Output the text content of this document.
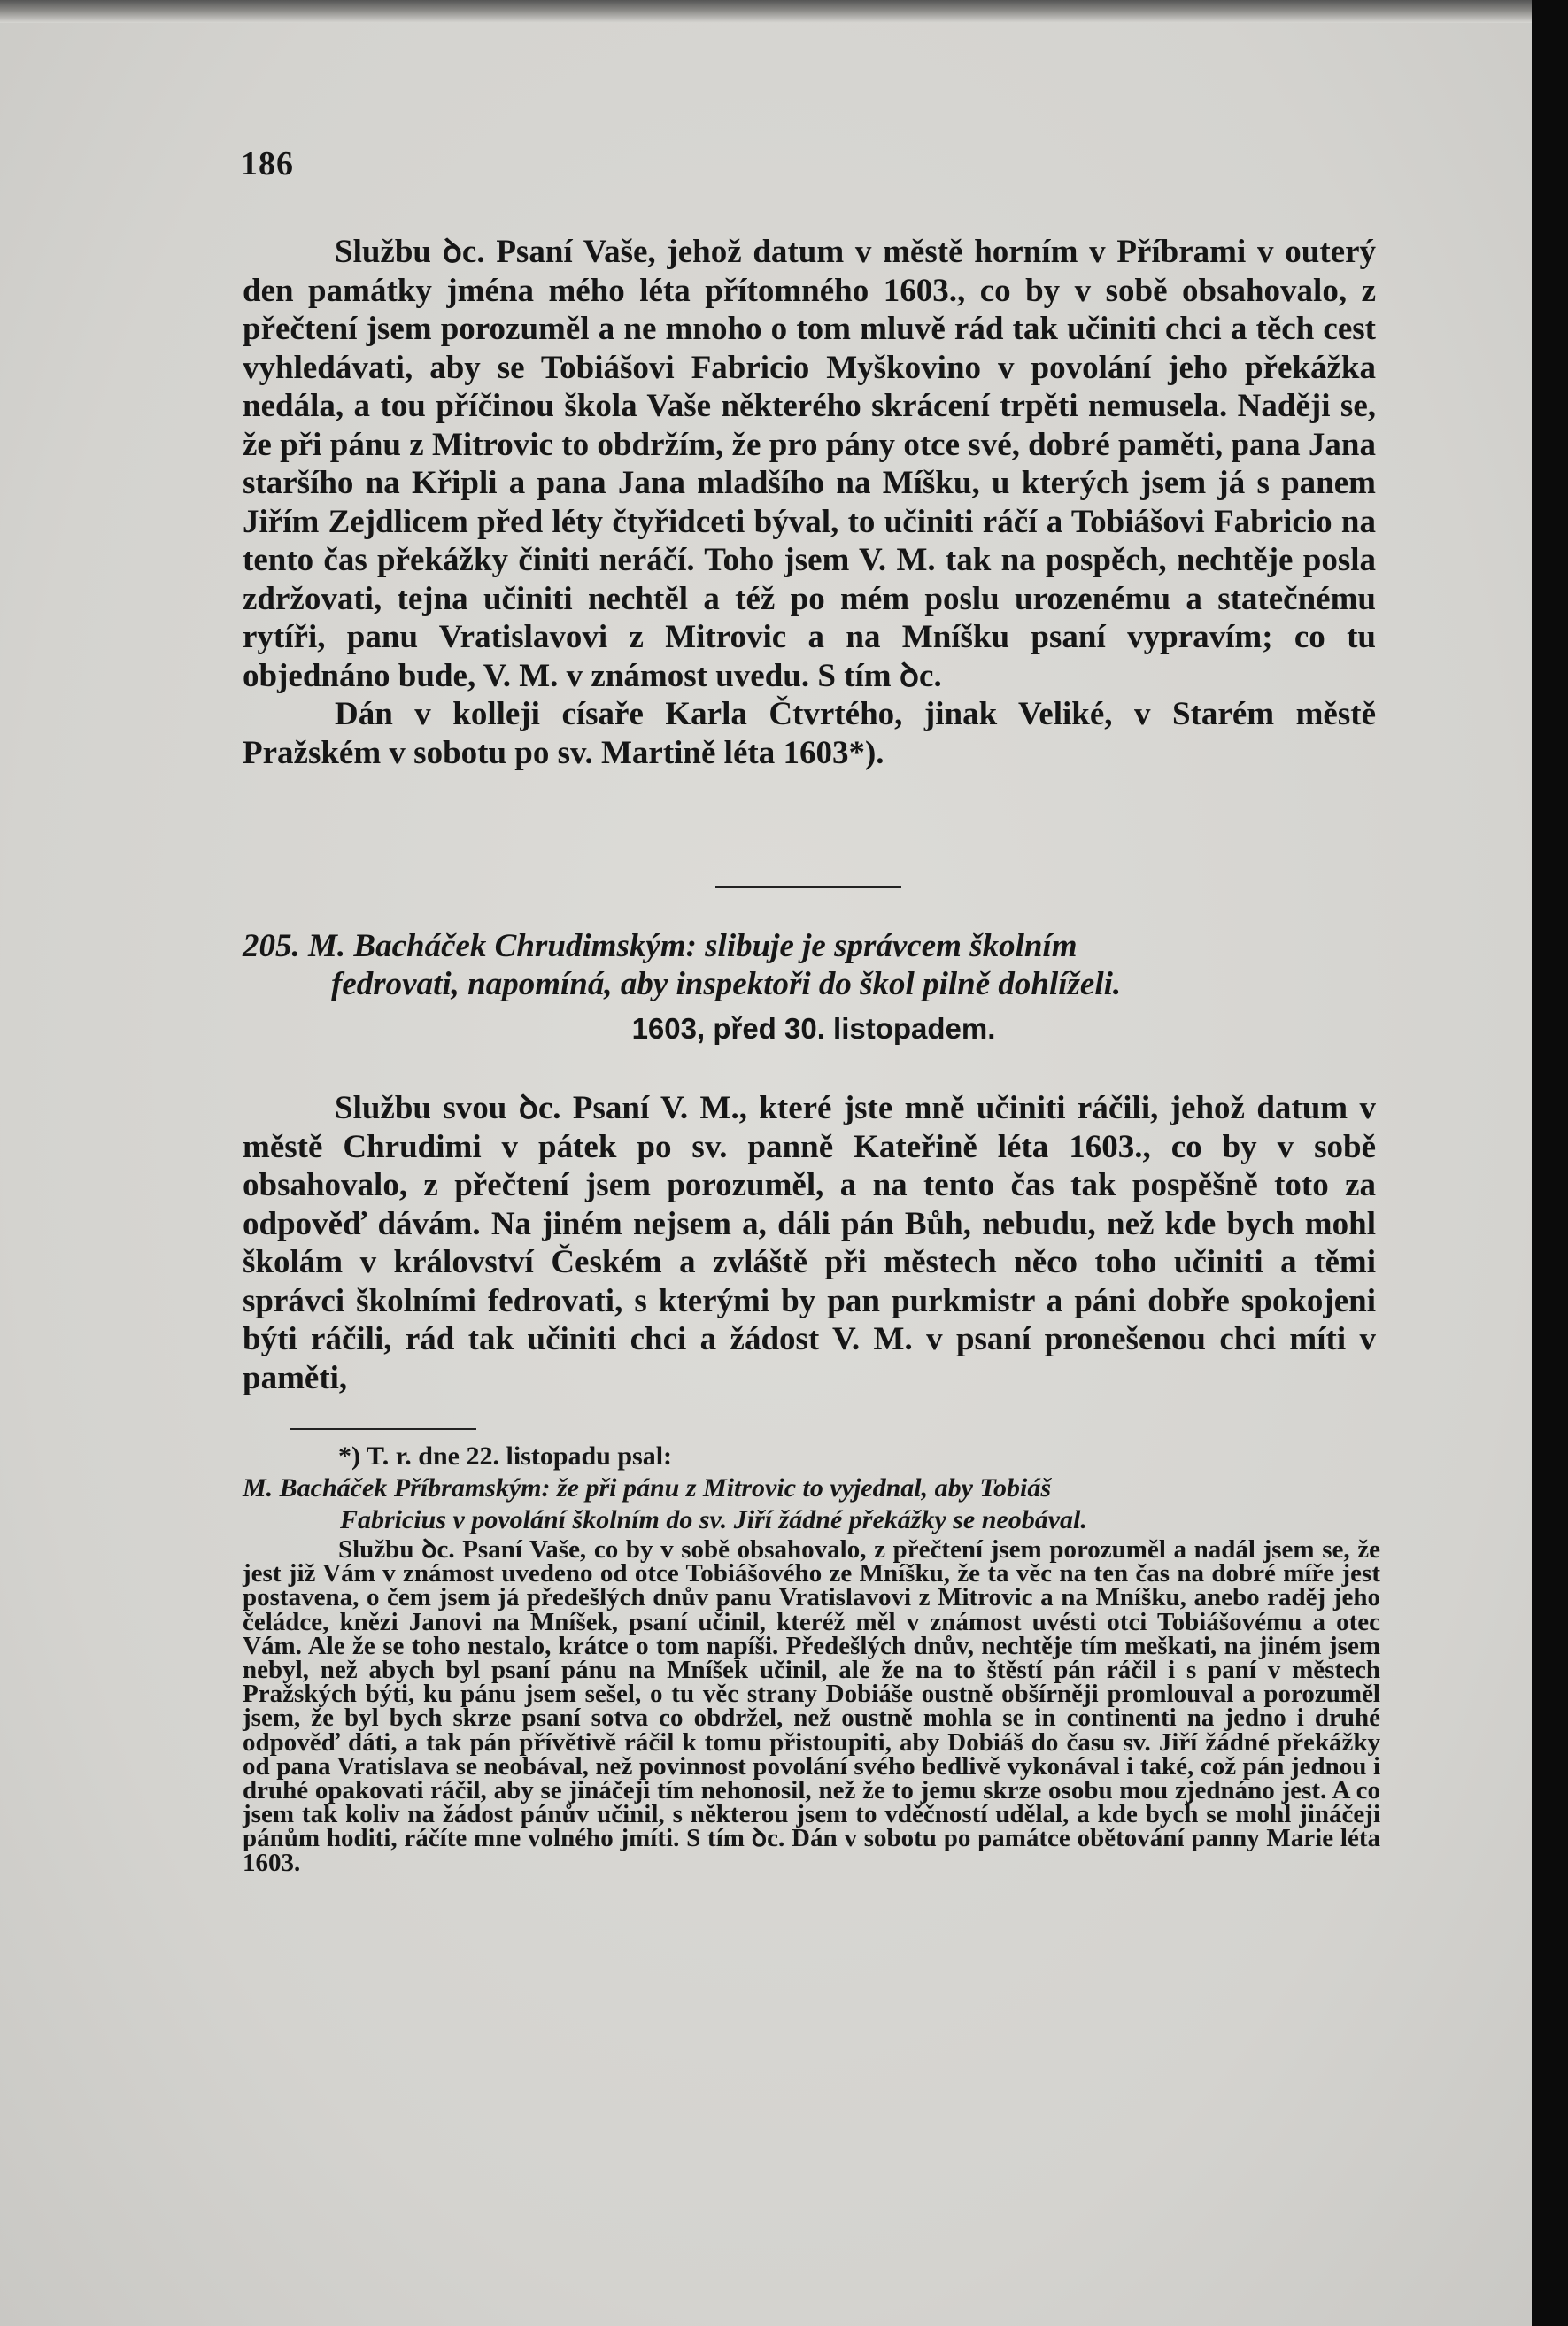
186

Službu ꝺc. Psaní Vaše, jehož datum v městě horním v Příbrami v outerý den památky jména mého léta přítomného 1603., co by v sobě obsahovalo, z přečtení jsem porozuměl a ne mnoho o tom mluvě rád tak učiniti chci a těch cest vyhledávati, aby se Tobiášovi Fabricio Myškovino v povolání jeho překážka nedála, a tou příčinou škola Vaše některého skrácení trpěti nemusela. Naději se, že při pánu z Mitrovic to obdržím, že pro pány otce své, dobré paměti, pana Jana staršího na Křipli a pana Jana mladšího na Míšku, u kterých jsem já s panem Jiřím Zejdlicem před léty čtyřidceti býval, to učiniti ráčí a Tobiášovi Fabricio na tento čas překážky činiti neráčí. Toho jsem V. M. tak na pospěch, nechtěje posla zdržovati, tejna učiniti nechtěl a též po mém poslu urozenému a statečnému rytíři, panu Vratislavovi z Mitrovic a na Mníšku psaní vypravím; co tu objednáno bude, V. M. v známost uvedu. S tím ꝺc.

Dán v kolleji císaře Karla Čtvrtého, jinak Veliké, v Starém městě Pražském v sobotu po sv. Martině léta 1603*).

205. M. Bacháček Chrudimským: slibuje je správcem školním
fedrovati, napomíná, aby inspektoři do škol pilně dohlíželi.
1603, před 30. listopadem.

Službu svou ꝺc. Psaní V. M., které jste mně učiniti ráčili, jehož datum v městě Chrudimi v pátek po sv. panně Kateřině léta 1603., co by v sobě obsahovalo, z přečtení jsem porozuměl, a na tento čas tak pospěšně toto za odpověď dávám. Na jiném nejsem a, dáli pán Bůh, nebudu, než kde bych mohl školám v království Českém a zvláště při městech něco toho učiniti a těmi správci školními fedrovati, s kterými by pan purkmistr a páni dobře spokojeni býti ráčili, rád tak učiniti chci a žádost V. M. v psaní pronešenou chci míti v paměti,

*) T. r. dne 22. listopadu psal:
M. Bacháček Příbramským: že při pánu z Mitrovic to vyjednal, aby Tobiáš
Fabricius v povolání školním do sv. Jiří žádné překážky se neobával.
Službu ꝺc. Psaní Vaše, co by v sobě obsahovalo, z přečtení jsem porozuměl a nadál jsem se, že jest již Vám v známost uvedeno od otce Tobiášového ze Mníšku, že ta věc na ten čas na dobré míře jest postavena, o čem jsem já předešlých dnův panu Vratislavovi z Mitrovic a na Mníšku, anebo raděj jeho čeládce, knězi Janovi na Mníšek, psaní učinil, kteréž měl v známost uvésti otci Tobiášovému a otec Vám. Ale že se toho nestalo, krátce o tom napíši. Předešlých dnův, nechtěje tím meškati, na jiném jsem nebyl, než abych byl psaní pánu na Mníšek učinil, ale že na to štěstí pán ráčil i s paní v městech Pražských býti, ku pánu jsem sešel, o tu věc strany Dobiáše oustně obšírněji promlouval a porozuměl jsem, že byl bych skrze psaní sotva co obdržel, než oustně mohla se in continenti na jedno i druhé odpověď dáti, a tak pán přívětivě ráčil k tomu přistoupiti, aby Dobiáš do času sv. Jiří žádné překážky od pana Vratislava se neobával, než povinnost povolání svého bedlivě vykonával i také, což pán jednou i druhé opakovati ráčil, aby se jináčeji tím nehonosil, než že to jemu skrze osobu mou zjednáno jest. A co jsem tak koliv na žádost pánův učinil, s některou jsem to vděčností udělal, a kde bych se mohl jináčeji pánům hoditi, ráčíte mne volného jmíti. S tím ꝺc. Dán v sobotu po památce obětování panny Marie léta 1603.
